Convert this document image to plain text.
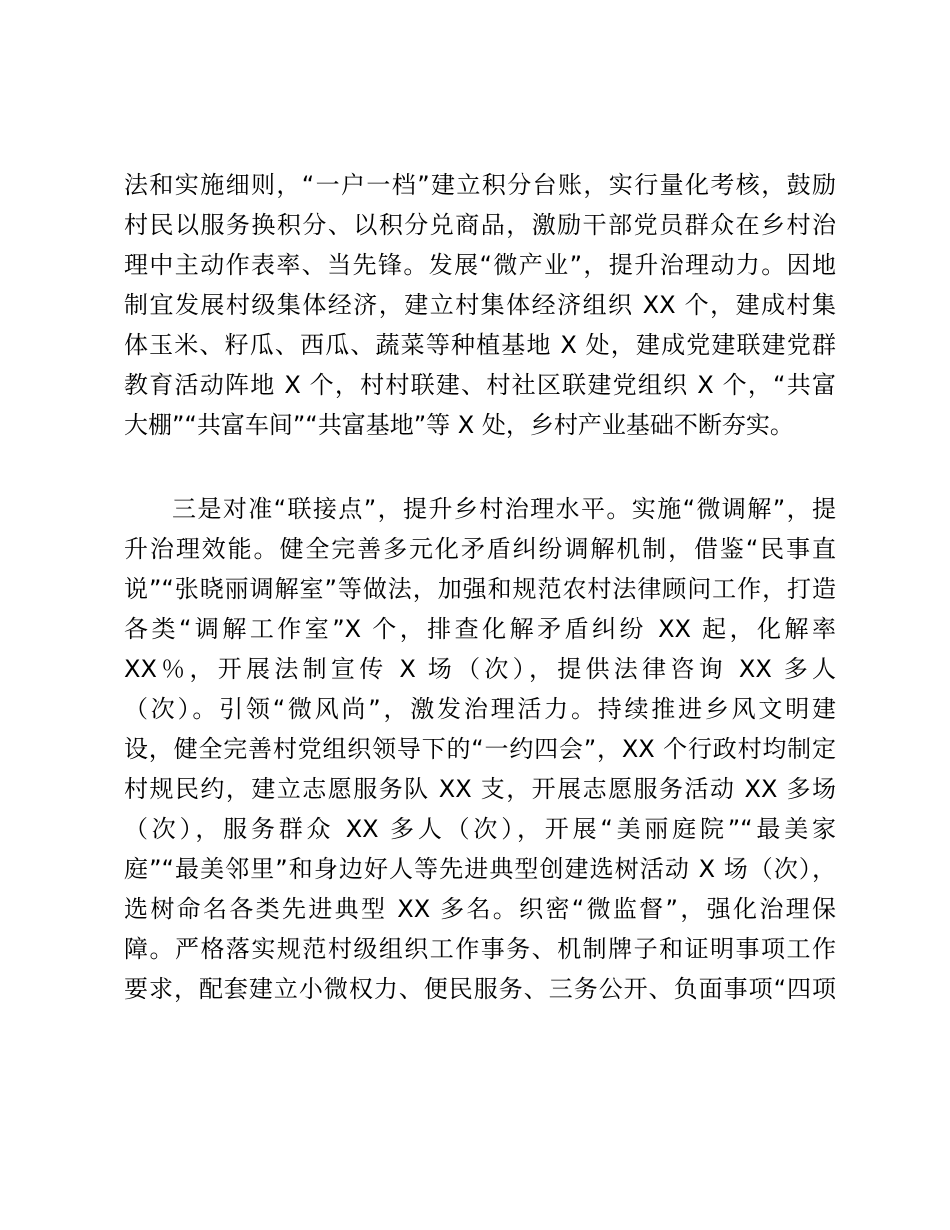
法和实施细则，“一户一档”建立积分台账，实行量化考核，鼓励
村民以服务换积分、以积分兑商品，激励干部党员群众在乡村治
理中主动作表率、当先锋。发展“微产业”，提升治理动力。因地
制宜发展村级集体经济，建立村集体经济组织 XX 个，建成村集
体玉米、籽瓜、西瓜、蔬菜等种植基地 X 处，建成党建联建党群
教育活动阵地 X 个，村村联建、村社区联建党组织 X 个，“共富
大棚”“共富车间”“共富基地”等 X 处，乡村产业基础不断夯实。
三是对准“联接点”，提升乡村治理水平。实施“微调解”，提
升治理效能。健全完善多元化矛盾纠纷调解机制，借鉴“民事直
说”“张晓丽调解室”等做法，加强和规范农村法律顾问工作，打造
各类“调解工作室”X 个，排查化解矛盾纠纷 XX 起，化解率
XX％，开展法制宣传 X 场（次），提供法律咨询 XX 多人
（次）。引领“微风尚”，激发治理活力。持续推进乡风文明建
设，健全完善村党组织领导下的“一约四会”，XX 个行政村均制定
村规民约，建立志愿服务队 XX 支，开展志愿服务活动 XX 多场
（次），服务群众 XX 多人（次），开展“美丽庭院”“最美家
庭”“最美邻里”和身边好人等先进典型创建选树活动 X 场（次），
选树命名各类先进典型 XX 多名。织密“微监督”，强化治理保
障。严格落实规范村级组织工作事务、机制牌子和证明事项工作
要求，配套建立小微权力、便民服务、三务公开、负面事项“四项
